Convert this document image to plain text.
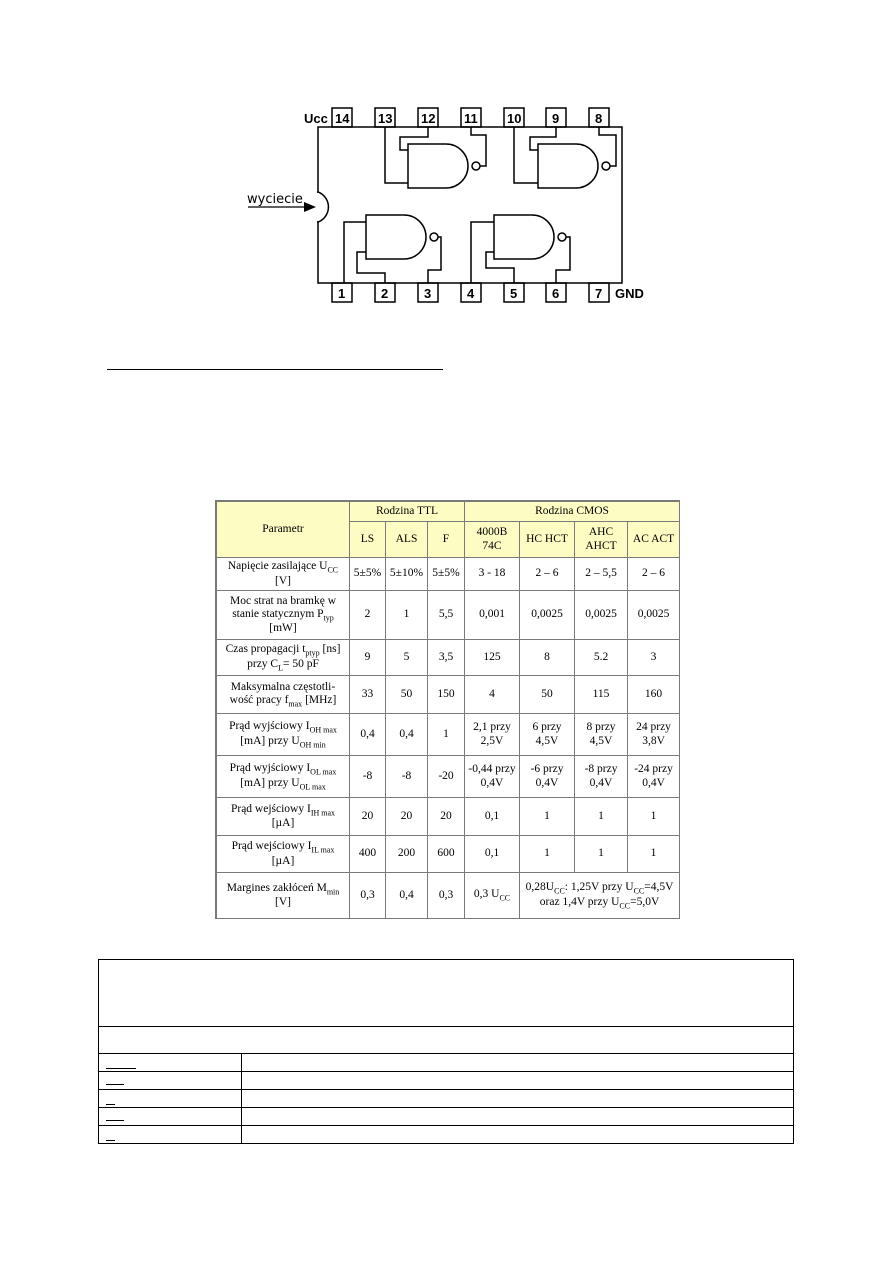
Ucc 14 13 12 11 10 9	8
1	2	3	4	5	6	7 GND
wyciecie
Parametr	Rodzina TTL			Rodzina CMOS			
	LS	ALS	F	4000B 74C	HC HCT	AHC AHCT	AC ACT
Napięcie zasilające $U_{CC}$ [V]	5±5%	5±10%	5±5%	3 - 18	2 – 6	2 – 5,5	2 – 6
Moc strat na bramkę w stanie statycznym $P_{typ}$ [mW]	2	1	5,5	0,001	0,0025	0,0025	0,0025
Czas propagacji $t_{ptyp}$ [ns] przy $C_L= 50$ pF	9	5	3,5	125	8	5.2	3
Maksymalna częstotli-wość pracy $f_{max}$ [MHz]	33	50	150	4	50	115	160
Prąd wyjściowy $I_{OH max}$ [mA] przy $U_{OH min}$	0,4	0,4	1	2,1 przy 2,5V	6 przy 4,5V	8 przy 4,5V	24 przy 3,8V
Prąd wyjściowy $I_{OL max}$ [mA] przy $U_{OL max}$	-8	-8	-20	-0,44 przy 0,4V	-6 przy 0,4V	-8 przy 0,4V	-24 przy 0,4V
Prąd wejściowy $I_{IH max}$ [µA]	20	20	20	0,1	1	1	1
Prąd wejściowy $I_{IL max}$ [µA]	400	200	600	0,1	1	1	1
Margines zakłóceń $M_{min}$ [V]	0,3	0,4	0,3	0,3 $U_{CC}$	$0,28U_{CC}$: 1,25V przy $U_{CC}=4,5V$ oraz 1,4V przy $U_{CC}=5,0V$		
